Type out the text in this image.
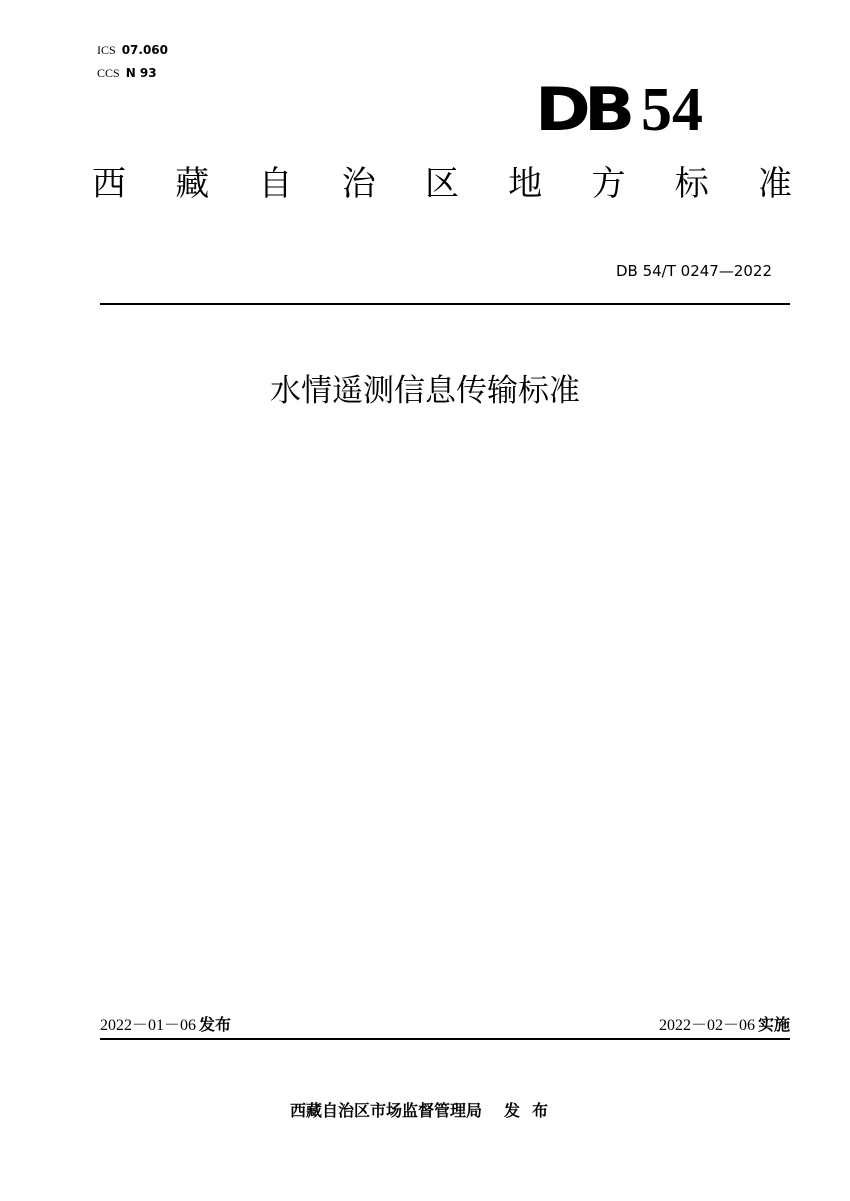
ICS 07.060
CCS N 93
DB 54
西 藏 自 治 区 地 方 标 准
DB 54/T 0247—2022
水情遥测信息传输标准
2022－01－06 发布	2022－02－06 实施
西藏自治区市场监督管理局 发布
